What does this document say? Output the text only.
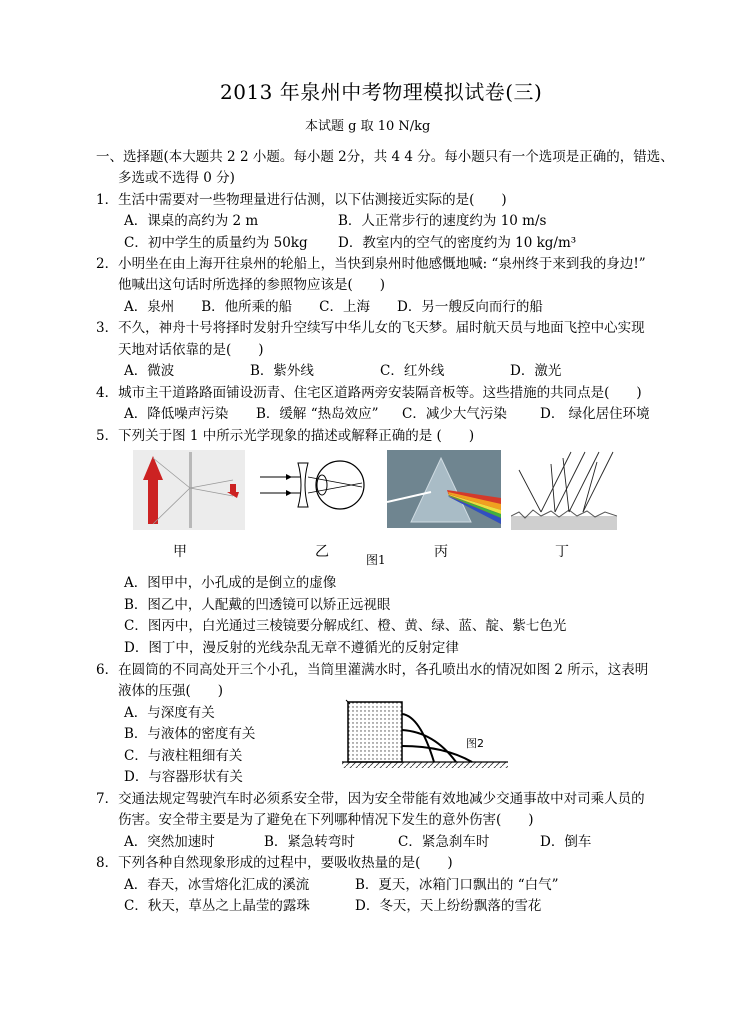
2013 年泉州中考物理模拟试卷(三)
本试题 g 取 10 N/kg
一、选择题(本大题共 2 2 小题。每小题 2分，共 4 4 分。每小题只有一个选项是正确的，错选、
多选或不选得 0 分)
1．生活中需要对一些物理量进行估测，以下估测接近实际的是(　　)
A．课桌的高约为 2 m	B．人正常步行的速度约为 10 m/s
C．初中学生的质量约为 50kg D．教室内的空气的密度约为 10 kg/m³
2．小明坐在由上海开往泉州的轮船上，当快到泉州时他感慨地喊: “泉州终于来到我的身边!”
他喊出这句话时所选择的参照物应该是(　　)
A．泉州　　B．他所乘的船　　C．上海　　D．另一艘反向而行的船
3．不久，神舟十号将择时发射升空续写中华儿女的飞天梦。届时航天员与地面飞控中心实现
天地对话依靠的是(　　)
A．微波	B．紫外线	C．红外线	D．激光
4．城市主干道路路面铺设沥青、住宅区道路两旁安装隔音板等。这些措施的共同点是(　　)
A．降低噪声污染 B．缓解 “热岛效应” C．减少大气污染 D． 绿化居住环境
5．下列关于图 1 中所示光学现象的描述或解释正确的是 (　　)
甲	乙	图1	丙	丁
A．图甲中，小孔成的是倒立的虚像
B．图乙中，人配戴的凹透镜可以矫正远视眼
C．图丙中，白光通过三棱镜要分解成红、橙、黄、绿、蓝、靛、紫七色光
D．图丁中，漫反射的光线杂乱无章不遵循光的反射定律
6．在圆筒的不同高处开三个小孔，当筒里灌满水时，各孔喷出水的情况如图 2 所示，这表明
液体的压强(　　)
A．与深度有关
B．与液体的密度有关
C．与液柱粗细有关
D．与容器形状有关
图2
7．交通法规定驾驶汽车时必须系安全带，因为安全带能有效地减少交通事故中对司乘人员的
伤害。安全带主要是为了避免在下列哪种情况下发生的意外伤害(　　)
A．突然加速时	B．紧急转弯时	C．紧急刹车时	D．倒车
8．下列各种自然现象形成的过程中，要吸收热量的是(　　)
A．春天，冰雪熔化汇成的溪流	B．夏天，冰箱门口飘出的 “白气”
C．秋天，草丛之上晶莹的露珠	D．冬天，天上纷纷飘落的雪花
